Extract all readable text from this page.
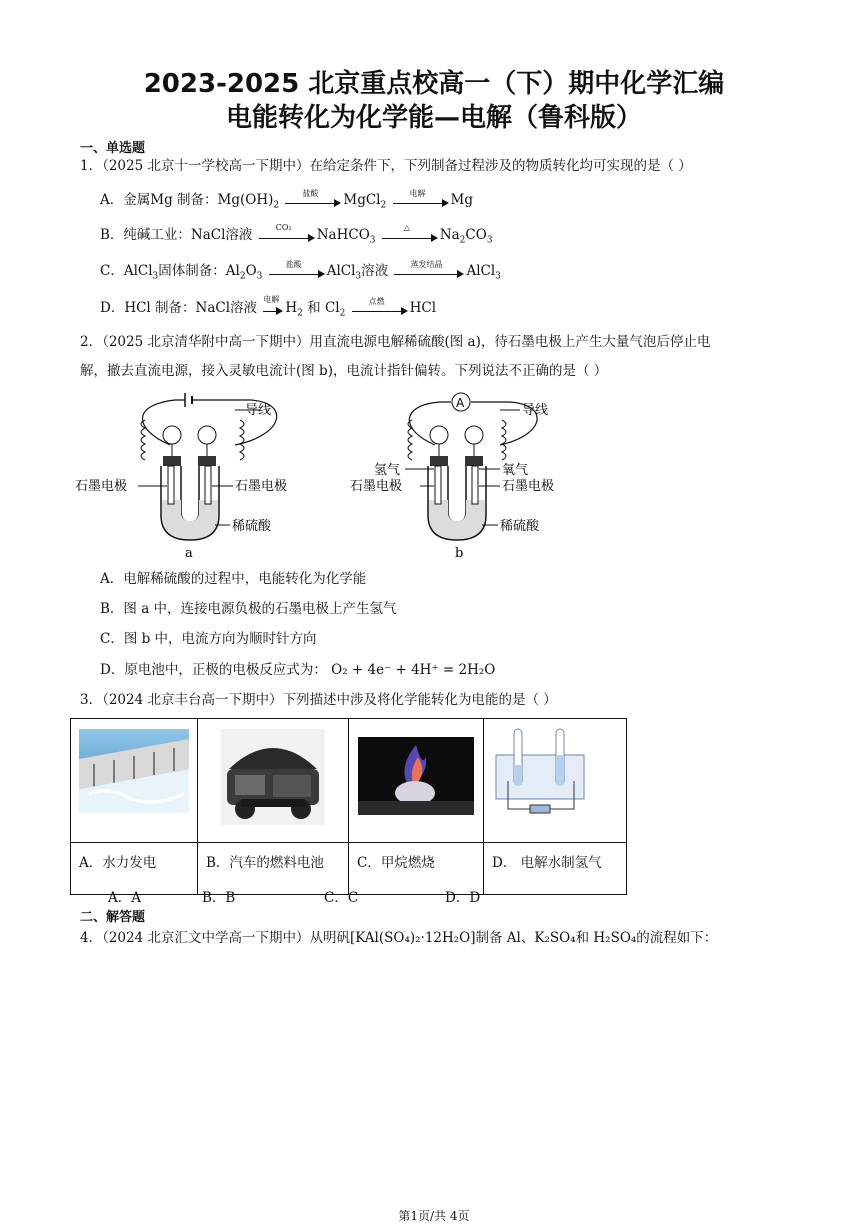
2023-2025 北京重点校高一（下）期中化学汇编
电能转化为化学能—电解（鲁科版）
一、单选题
1．（2025 北京十一学校高一下期中）在给定条件下，下列制备过程涉及的物质转化均可实现的是（ ）
A．金属Mg 制备：$Mg(OH)_2$
盐酸	MgCl$_2$
电解	Mg
B．纯碱工业：NaCl溶液	CO₂	NaHCO$_3$
△	$Na_2CO_3$
C．AlCl$_3$固体制备：$Al_2O_3$
盐酸	AlCl$_3$溶液	蒸发结晶	AlCl$_3$
D．HCl 制备：NaCl溶液
电解
$H_2$ 和 $Cl_2$
点燃	HCl
2．（2025 北京清华附中高一下期中）用直流电源电解稀硫酸(图 a)，待石墨电极上产生大量气泡后停止电
解，撤去直流电源，接入灵敏电流计(图 b)，电流计指针偏转。下列说法不正确的是（ ）
导线
石墨电极	石墨电极
稀硫酸
a
A	导线
氢气	氧气
石墨电极	石墨电极
稀硫酸
b
A．电解稀硫酸的过程中，电能转化为化学能
B．图 a 中，连接电源负极的石墨电极上产生氢气
C．图 b 中，电流方向为顺时针方向
D．原电池中，正极的电极反应式为： O₂ + 4e⁻ + 4H⁺ = 2H₂O
3．（2024 北京丰台高一下期中）下列描述中涉及将化学能转化为电能的是（ ）

A．水力发电	B．汽车的燃料电池	C．甲烷燃烧	D． 电解水制氢气
A．A	B．B	C．C	D．D
二、解答题
4．（2024 北京汇文中学高一下期中）从明矾[KAl(SO₄)₂·12H₂O]制备 Al、K₂SO₄和 H₂SO₄的流程如下：
第1页/共 4页
